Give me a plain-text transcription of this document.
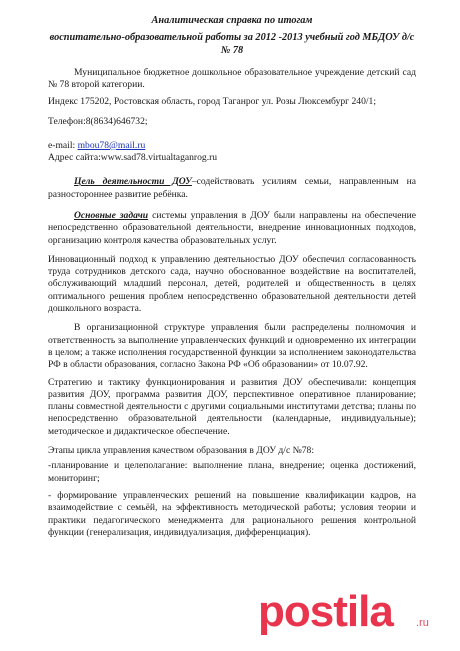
Аналитическая справка по итогам
воспитательно-образовательной работы за 2012 -2013 учебный год МБДОУ д/с № 78

Муниципальное бюджетное дошкольное образовательное учреждение детский сад № 78 второй категории.

Индекс 175202, Ростовская область, город Таганрог ул. Розы Люксембург 240/1;

Телефон:8(8634)646732;

e-mail: mbou78@mail.ru

Адрес сайта:www.sad78.virtualtaganrog.ru

Цель деятельности ДОУ–содействовать усилиям семьи, направленным на разностороннее развитие ребёнка.

Основные задачи системы управления в ДОУ были направлены на обеспечение непосредственно образовательной деятельности, внедрение инновационных подходов, организацию контроля качества образовательных услуг.

Инновационный подход к управлению деятельностью ДОУ обеспечил согласованность труда сотрудников детского сада, научно обоснованное воздействие на воспитателей, обслуживающий младший персонал, детей, родителей и общественность в целях оптимального решения проблем непосредственно образовательной деятельности детей дошкольного возраста.

В организационной структуре управления были распределены полномочия и ответственность за выполнение управленческих функций и одновременно их интеграции в целом; а также исполнения государственной функции за исполнением законодательства РФ в области образования, согласно Закона РФ «Об образовании» от 10.07.92.

Стратегию и тактику функционирования и развития ДОУ обеспечивали: концепция развития ДОУ, программа развития ДОУ, перспективное оперативное планирование; планы совместной деятельности с другими социальными институтами детства; планы по непосредственно образовательной деятельности (календарные, индивидуальные); методическое и дидактическое обеспечение.

Этапы цикла управления качеством образования в ДОУ д/с №78:

-планирование и целеполагание: выполнение плана, внедрение; оценка достижений, мониторинг;

- формирование управленческих решений на повышение квалификации кадров, на взаимодействие с семьёй, на эффективность методической работы; условия теории и практики педагогического менеджмента для рационального решения контрольной функции (генерализация, индивидуализация, дифференциация).

postila .ru
